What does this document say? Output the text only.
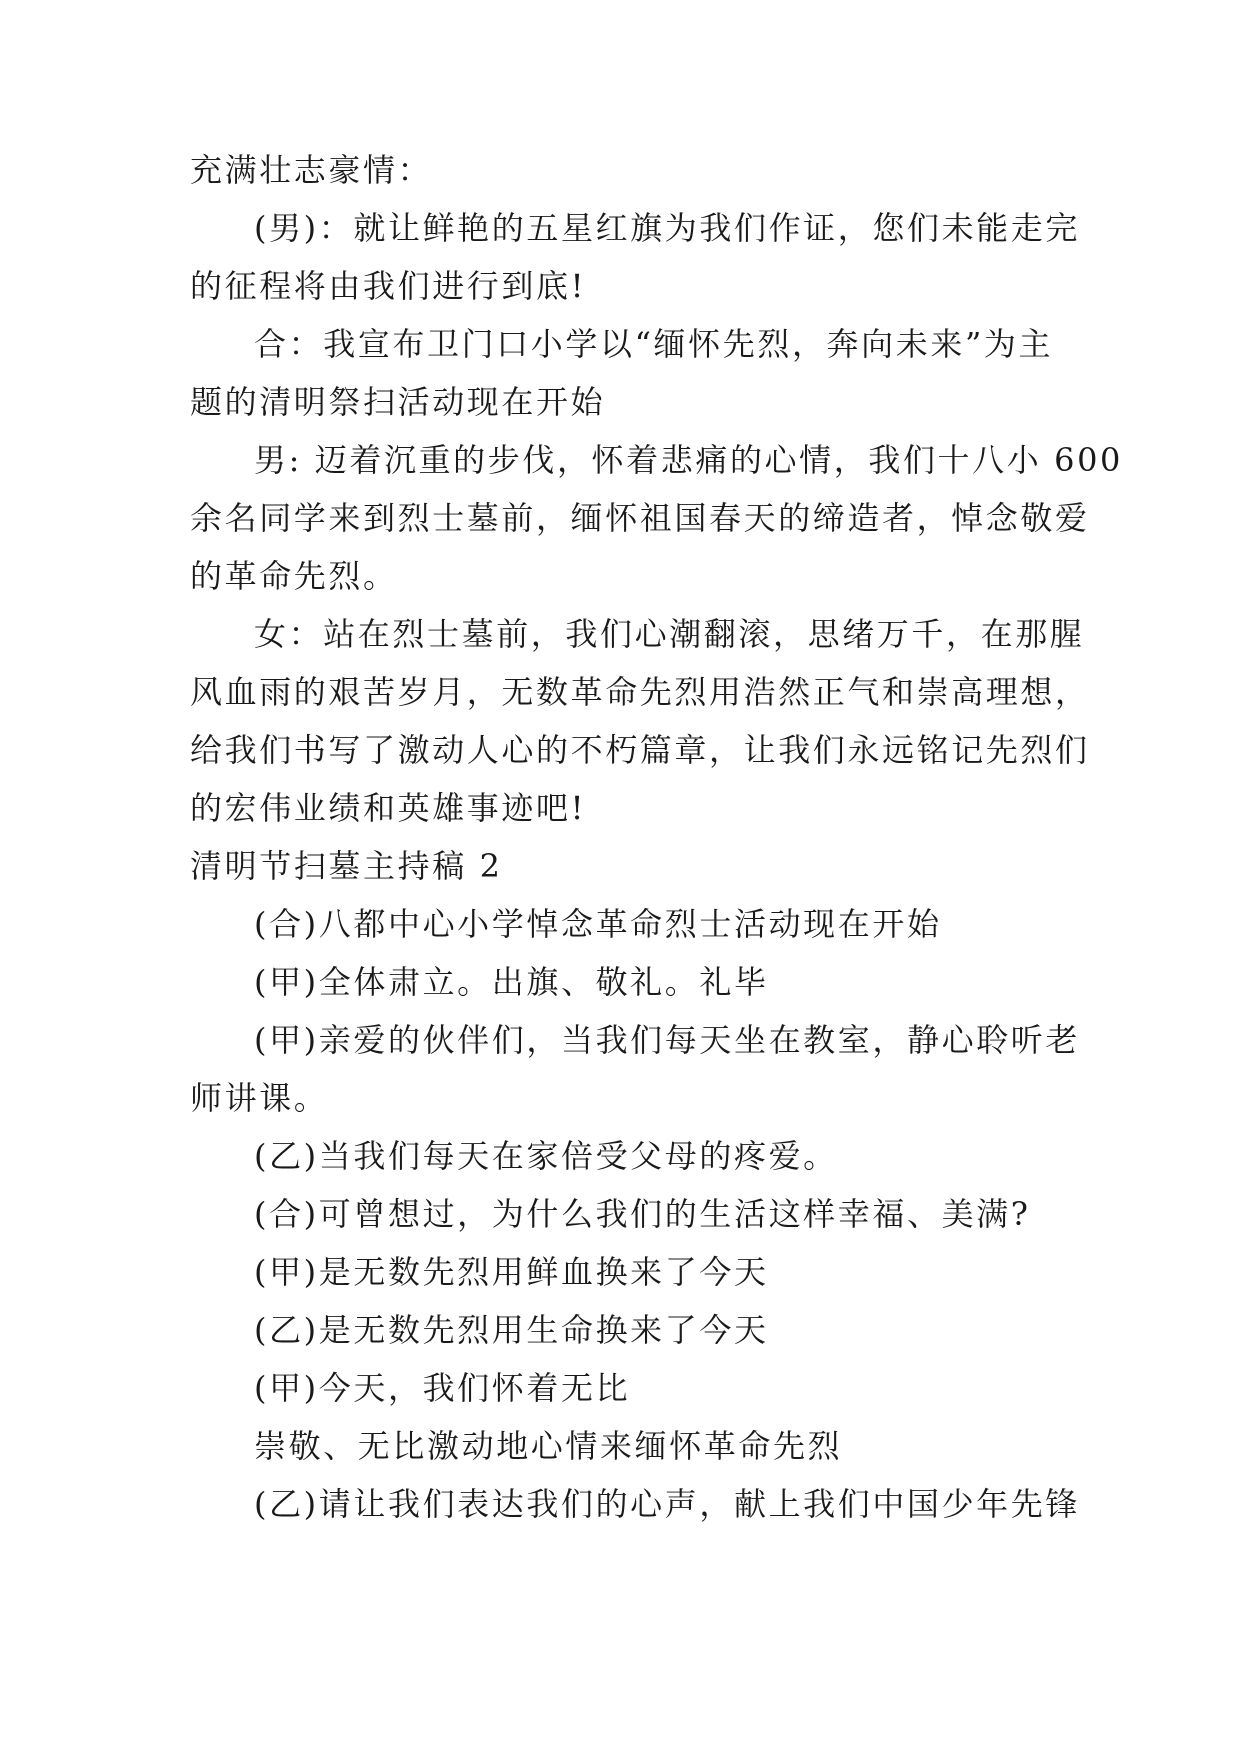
充满壮志豪情：
(男)：就让鲜艳的五星红旗为我们作证，您们未能走完
的征程将由我们进行到底!
合：我宣布卫门口小学以“缅怀先烈，奔向未来”为主
题的清明祭扫活动现在开始
男: 迈着沉重的步伐，怀着悲痛的心情，我们十八小 600
余名同学来到烈士墓前，缅怀祖国春天的缔造者，悼念敬爱
的革命先烈。
女：站在烈士墓前，我们心潮翻滚，思绪万千，在那腥
风血雨的艰苦岁月，无数革命先烈用浩然正气和崇高理想，
给我们书写了激动人心的不朽篇章，让我们永远铭记先烈们
的宏伟业绩和英雄事迹吧!
清明节扫墓主持稿 2
(合)八都中心小学悼念革命烈士活动现在开始
(甲)全体肃立。出旗、敬礼。礼毕
(甲)亲爱的伙伴们，当我们每天坐在教室，静心聆听老
师讲课。
(乙)当我们每天在家倍受父母的疼爱。
(合)可曾想过，为什么我们的生活这样幸福、美满?
(甲)是无数先烈用鲜血换来了今天
(乙)是无数先烈用生命换来了今天
(甲)今天，我们怀着无比
崇敬、无比激动地心情来缅怀革命先烈
(乙)请让我们表达我们的心声，献上我们中国少年先锋
